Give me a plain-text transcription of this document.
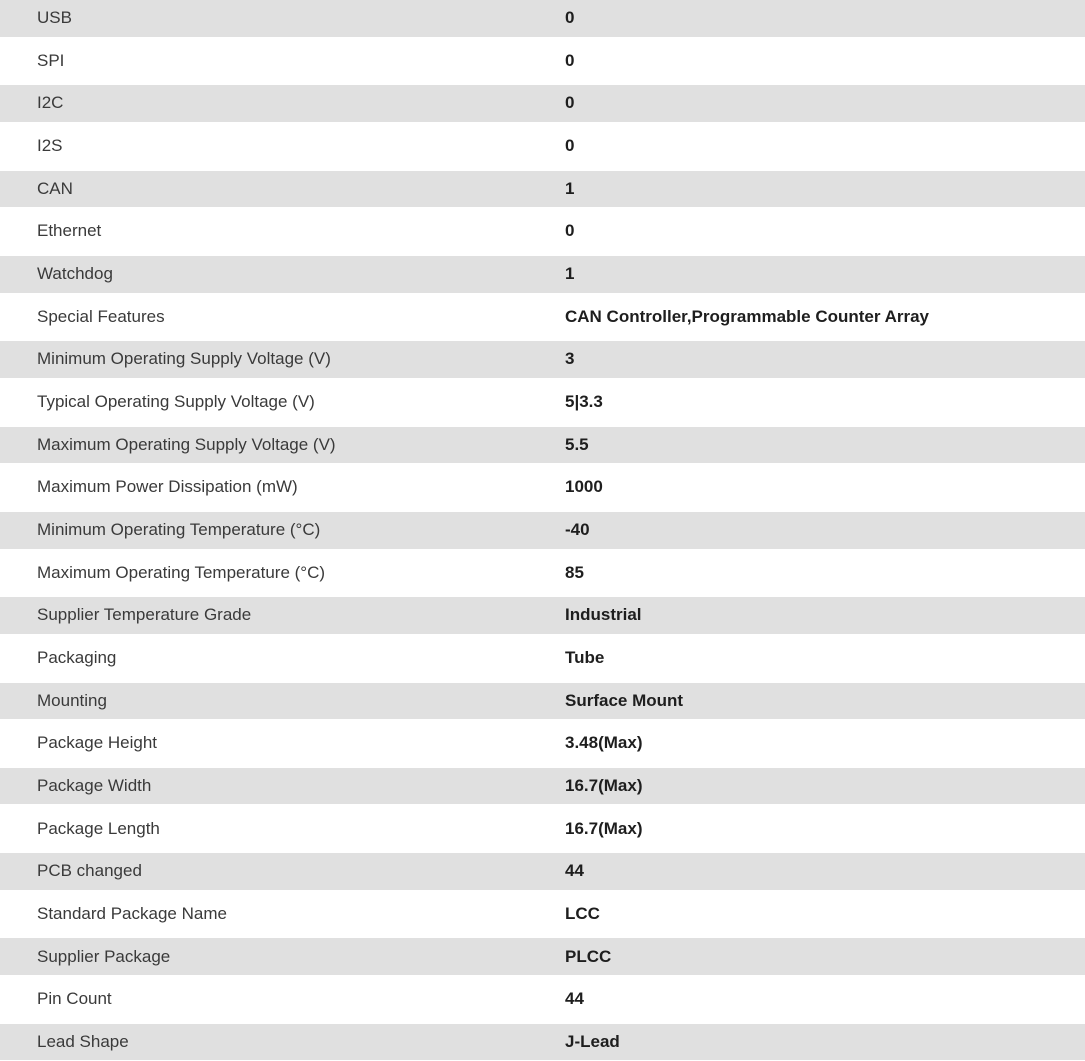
USB	0
SPI	0
I2C	0
I2S	0
CAN	1
Ethernet	0
Watchdog	1
Special Features	CAN Controller,Programmable Counter Array
Minimum Operating Supply Voltage (V)	3
Typical Operating Supply Voltage (V)	5|3.3
Maximum Operating Supply Voltage (V)	5.5
Maximum Power Dissipation (mW)	1000
Minimum Operating Temperature (°C)	-40
Maximum Operating Temperature (°C)	85
Supplier Temperature Grade	Industrial
Packaging	Tube
Mounting	Surface Mount
Package Height	3.48(Max)
Package Width	16.7(Max)
Package Length	16.7(Max)
PCB changed	44
Standard Package Name	LCC
Supplier Package	PLCC
Pin Count	44
Lead Shape	J-Lead
